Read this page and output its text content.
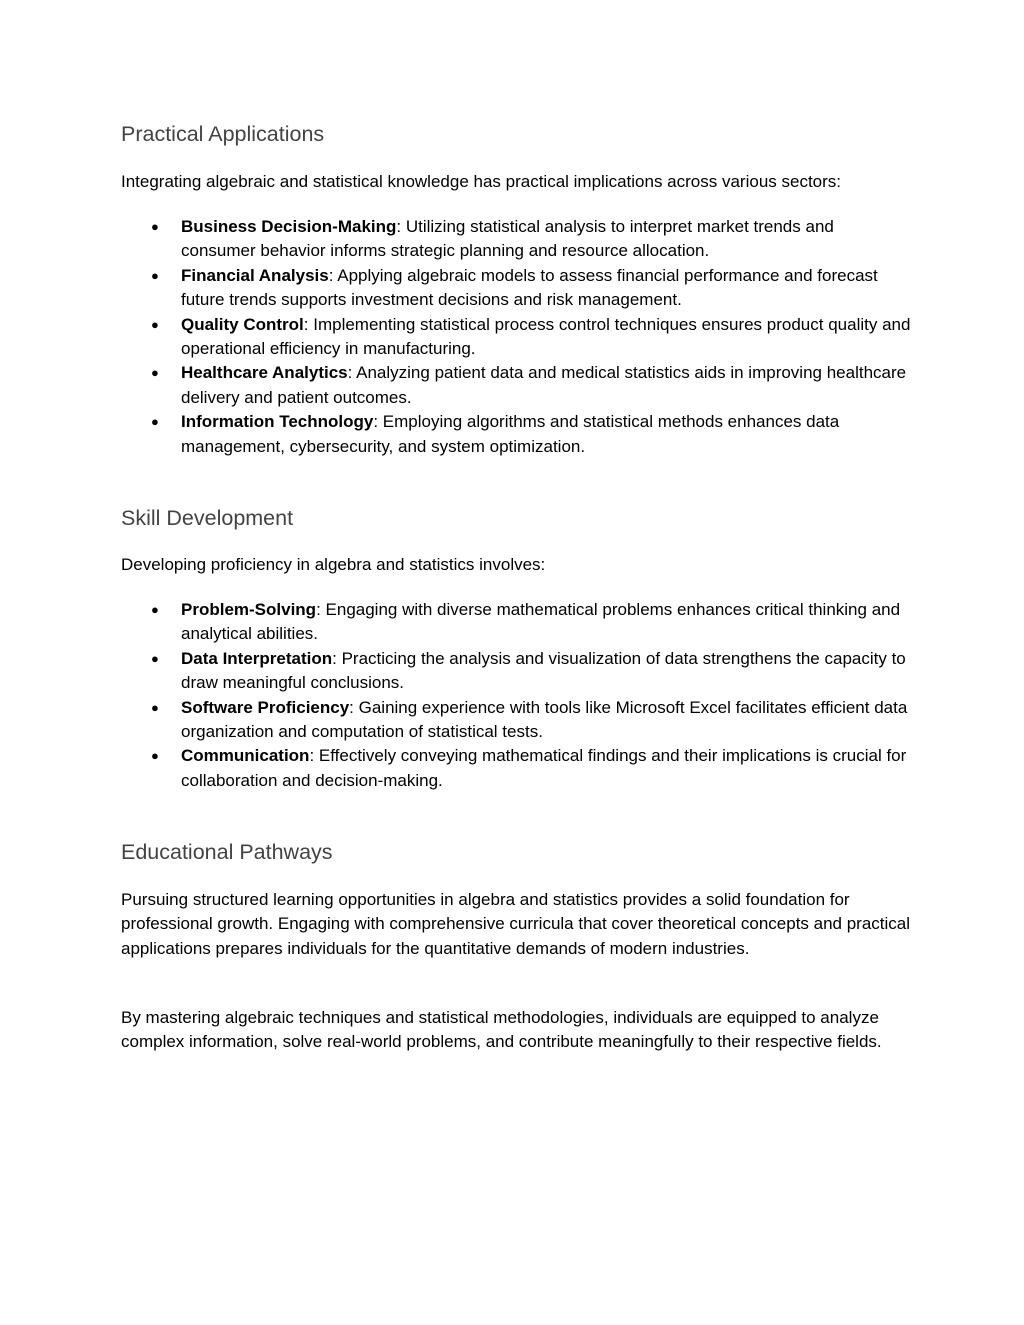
Practical Applications

Integrating algebraic and statistical knowledge has practical implications across various sectors:

● Business Decision-Making: Utilizing statistical analysis to interpret market trends and consumer behavior informs strategic planning and resource allocation.
● Financial Analysis: Applying algebraic models to assess financial performance and forecast future trends supports investment decisions and risk management.
● Quality Control: Implementing statistical process control techniques ensures product quality and operational efficiency in manufacturing.
● Healthcare Analytics: Analyzing patient data and medical statistics aids in improving healthcare delivery and patient outcomes.
● Information Technology: Employing algorithms and statistical methods enhances data management, cybersecurity, and system optimization.
Skill Development

Developing proficiency in algebra and statistics involves:

● Problem-Solving: Engaging with diverse mathematical problems enhances critical thinking and analytical abilities.
● Data Interpretation: Practicing the analysis and visualization of data strengthens the capacity to draw meaningful conclusions.
● Software Proficiency: Gaining experience with tools like Microsoft Excel facilitates efficient data organization and computation of statistical tests.
● Communication: Effectively conveying mathematical findings and their implications is crucial for collaboration and decision-making.
Educational Pathways

Pursuing structured learning opportunities in algebra and statistics provides a solid foundation for professional growth. Engaging with comprehensive curricula that cover theoretical concepts and practical applications prepares individuals for the quantitative demands of modern industries.

By mastering algebraic techniques and statistical methodologies, individuals are equipped to analyze complex information, solve real-world problems, and contribute meaningfully to their respective fields.
